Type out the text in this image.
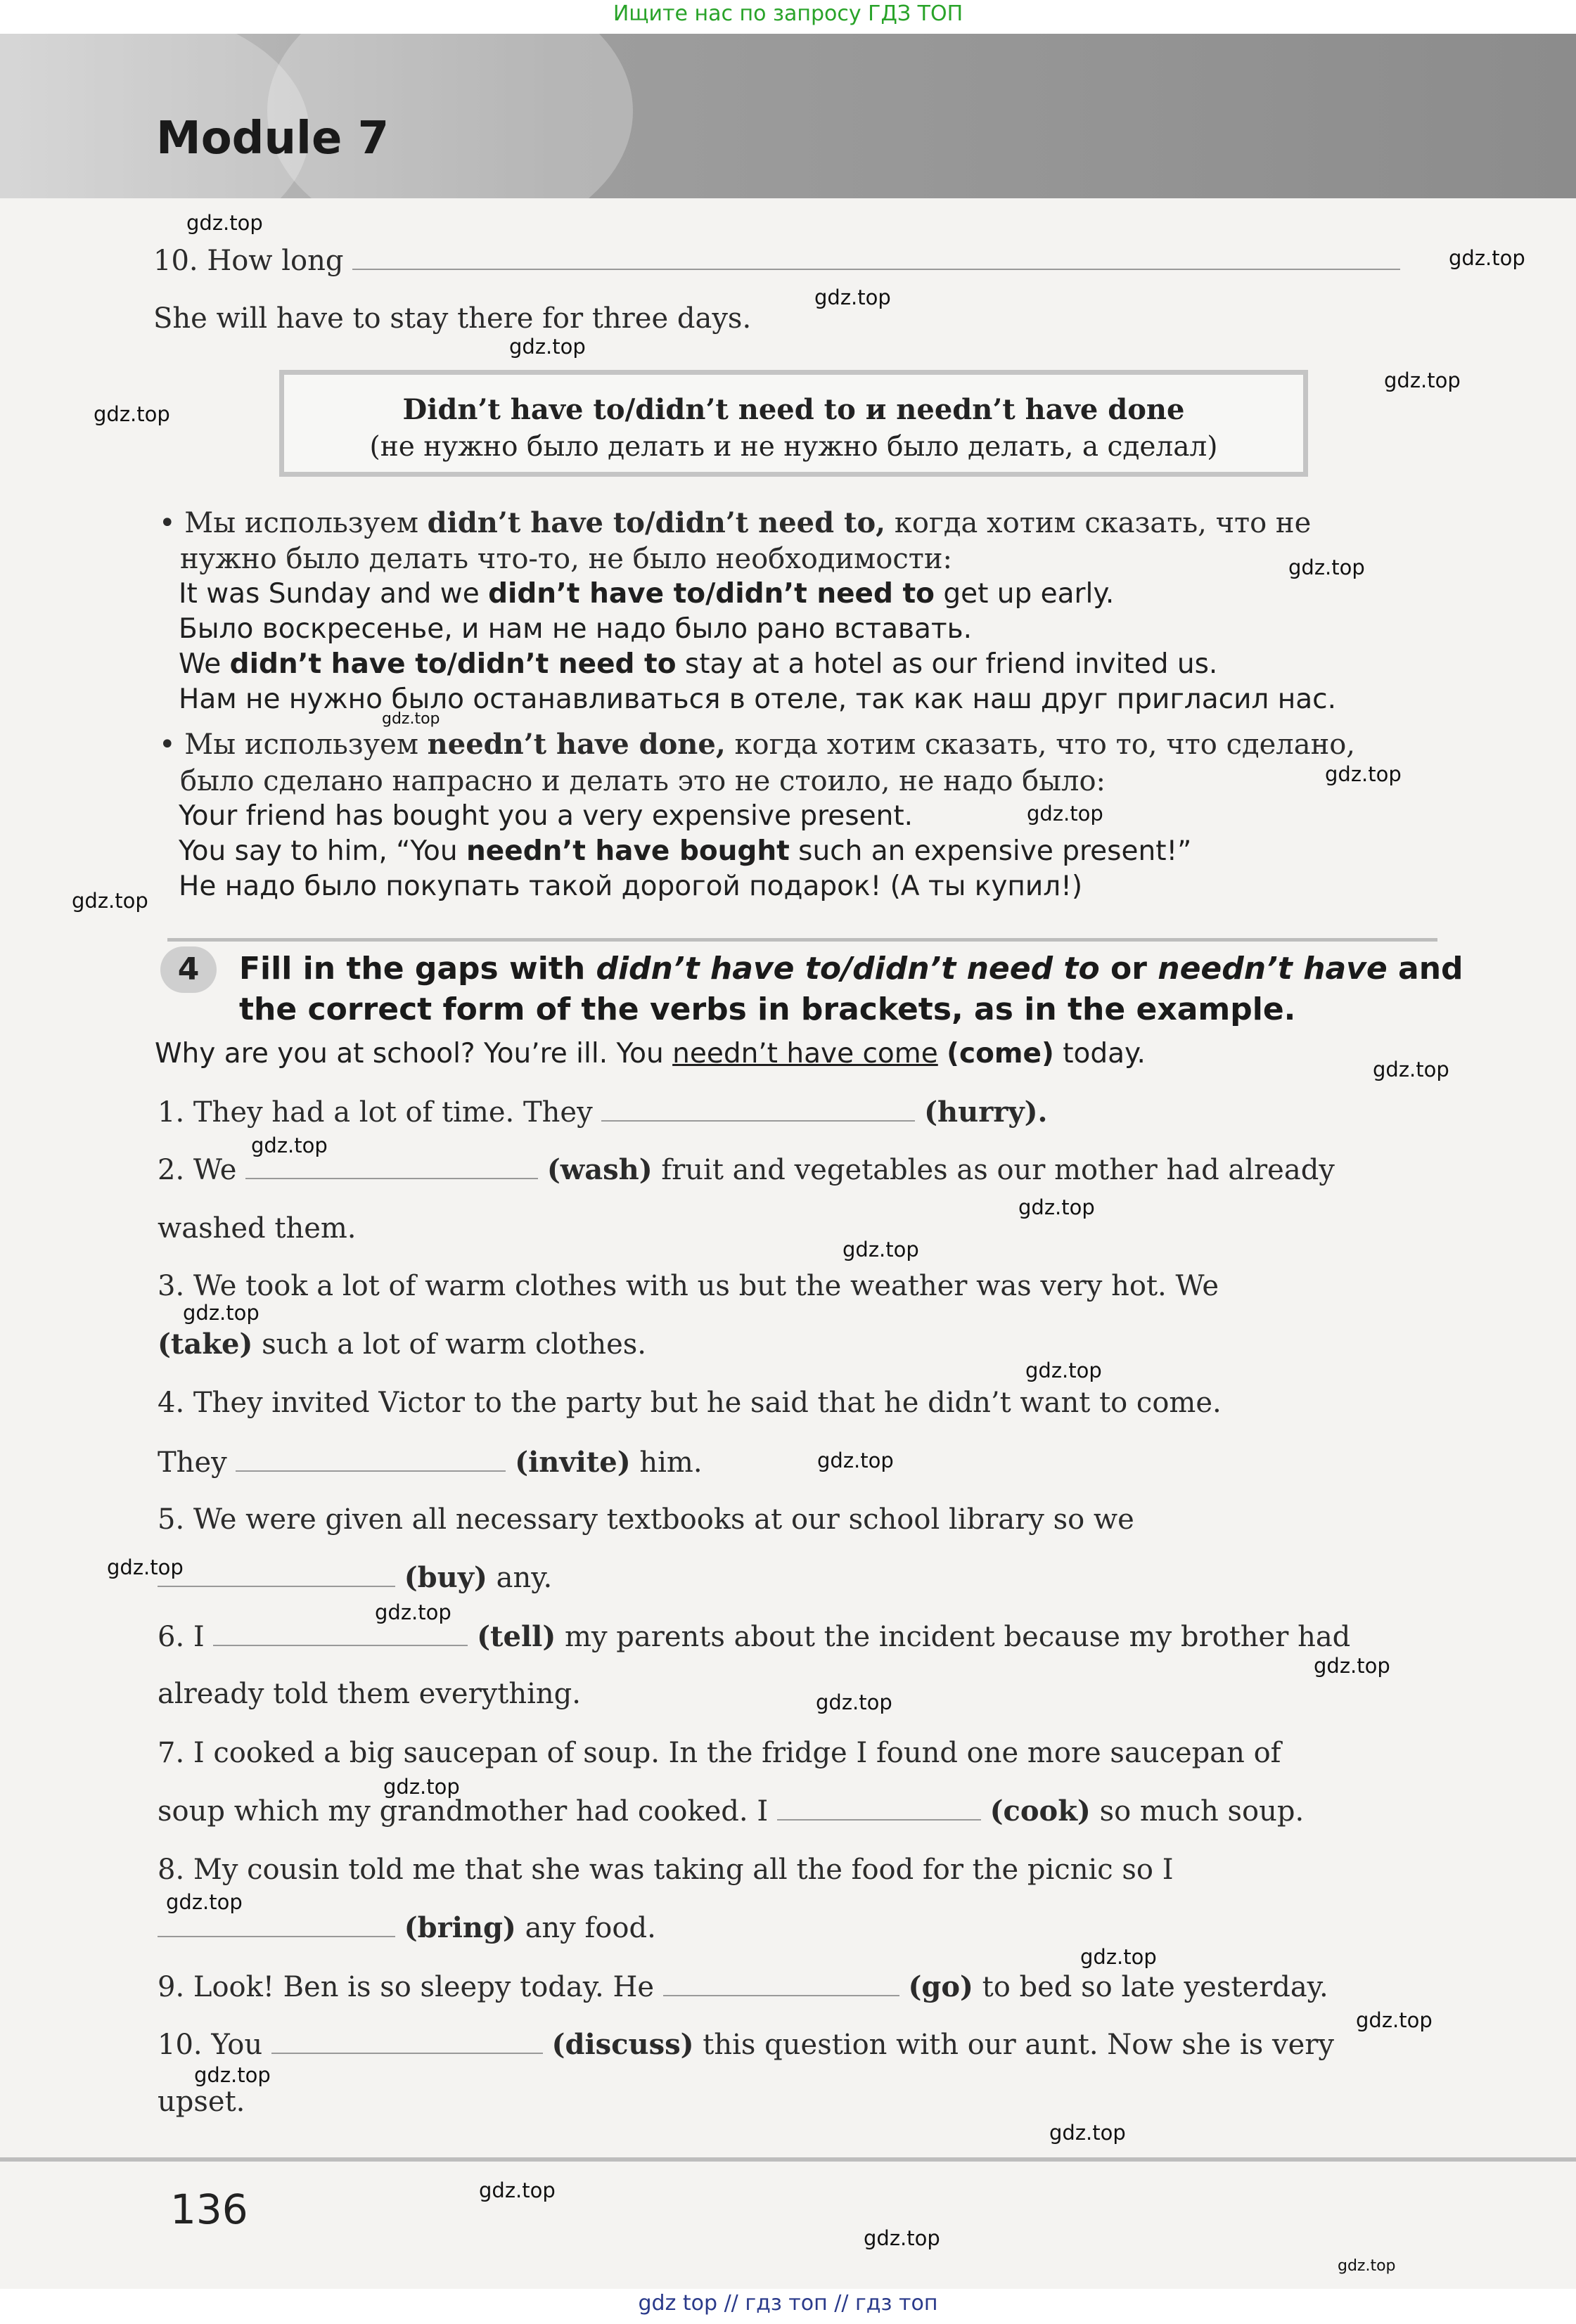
Ищите нас по запросу ГДЗ ТОП
Module 7
10. How long
She will have to stay there for three days.
Didn’t have to/didn’t need to и needn’t have done
(не нужно было делать и не нужно было делать, а сделал)
• Мы используем didn’t have to/didn’t need to, когда хотим сказать, что не
нужно было делать что-то, не было необходимости:
It was Sunday and we didn’t have to/didn’t need to get up early.
Было воскресенье, и нам не надо было рано вставать.
We didn’t have to/didn’t need to stay at a hotel as our friend invited us.
Нам не нужно было останавливаться в отеле, так как наш друг пригласил нас.
• Мы используем needn’t have done, когда хотим сказать, что то, что сделано,
было сделано напрасно и делать это не стоило, не надо было:
Your friend has bought you a very expensive present.
You say to him, “You needn’t have bought such an expensive present!”
Не надо было покупать такой дорогой подарок! (А ты купил!)
4	Fill in the gaps with didn’t have to/didn’t need to or needn’t have and
the correct form of the verbs in brackets, as in the example.
Why are you at school? You’re ill. You needn’t have come (come) today.
1. They had a lot of time. They	(hurry).
2. We	(wash) fruit and vegetables as our mother had already
washed them.
3. We took a lot of warm clothes with us but the weather was very hot. We
(take) such a lot of warm clothes.
4. They invited Victor to the party but he said that he didn’t want to come.
They	(invite) him.
5. We were given all necessary textbooks at our school library so we
(buy) any.
6. I	(tell) my parents about the incident because my brother had
already told them everything.
7. I cooked a big saucepan of soup. In the fridge I found one more saucepan of
soup which my grandmother had cooked. I	(cook) so much soup.
8. My cousin told me that she was taking all the food for the picnic so I
(bring) any food.
9. Look! Ben is so sleepy today. He	(go) to bed so late yesterday.
10. You	(discuss) this question with our aunt. Now she is very
upset.
136
gdz.top
gdz.top
gdz.top
gdz.top
gdz.top
gdz.top
gdz.top
gdz.top
gdz.top
gdz.top
gdz.top
gdz.top
gdz.top
gdz.top
gdz.top
gdz.top
gdz.top
gdz.top
gdz.top
gdz.top
gdz.top
gdz.top
gdz.top
gdz.top
gdz.top
gdz.top
gdz.top
gdz.top
gdz.top
gdz.top
gdz.top
gdz top // гдз топ // гдз топ
